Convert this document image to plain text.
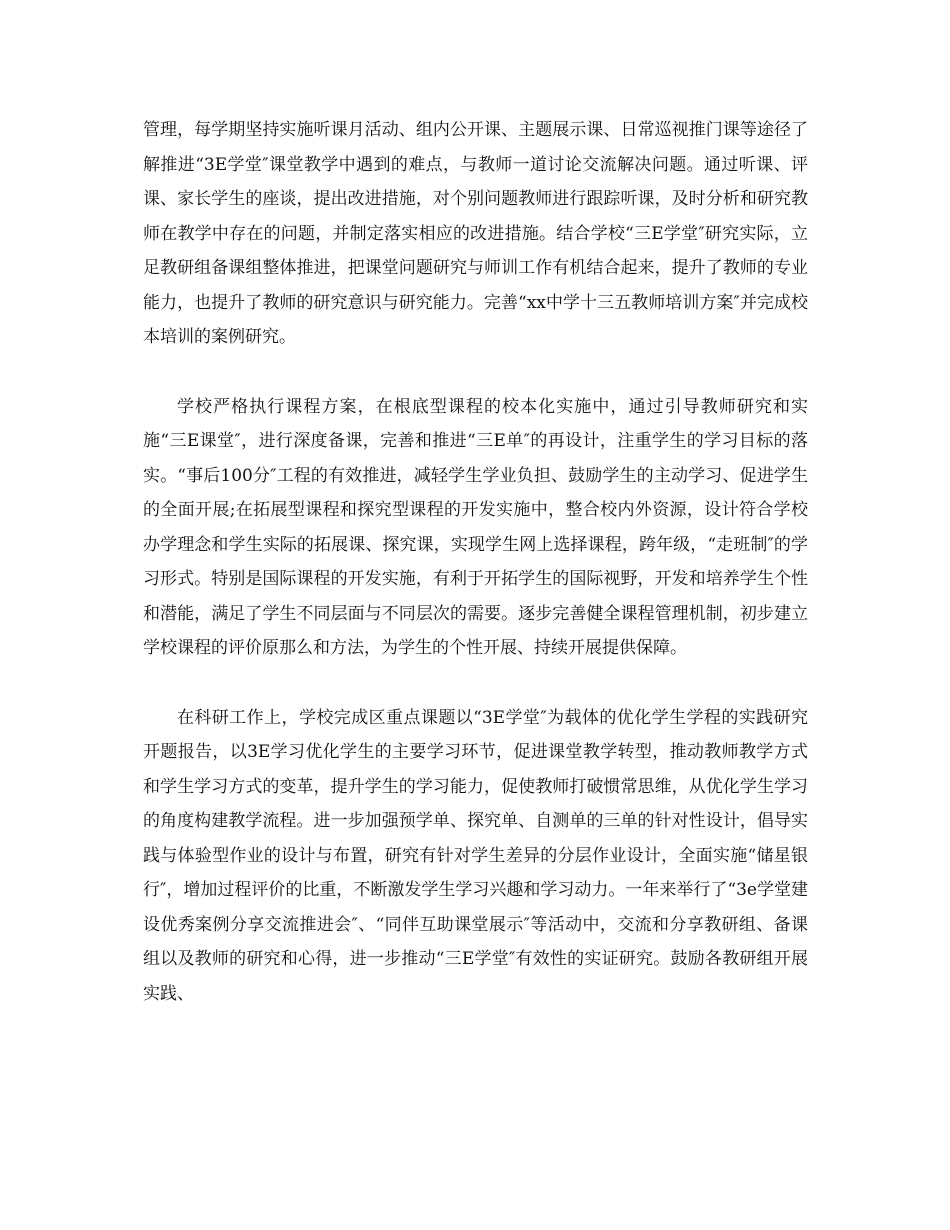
管理，每学期坚持实施听课月活动、组内公开课、主题展示课、日常巡视推门课等途径了解推进“3E学堂″课堂教学中遇到的难点，与教师一道讨论交流解决问题。通过听课、评课、家长学生的座谈，提出改进措施，对个别问题教师进行跟踪听课，及时分析和研究教师在教学中存在的问题，并制定落实相应的改进措施。结合学校“三E学堂″研究实际，立足教研组备课组整体推进，把课堂问题研究与师训工作有机结合起来，提升了教师的专业能力，也提升了教师的研究意识与研究能力。完善“xx中学十三五教师培训方案″并完成校本培训的案例研究。

学校严格执行课程方案，在根底型课程的校本化实施中，通过引导教师研究和实施“三E课堂″，进行深度备课，完善和推进“三E单″的再设计，注重学生的学习目标的落实。“事后100分″工程的有效推进，减轻学生学业负担、鼓励学生的主动学习、促进学生的全面开展;在拓展型课程和探究型课程的开发实施中，整合校内外资源，设计符合学校办学理念和学生实际的拓展课、探究课，实现学生网上选择课程，跨年级，“走班制″的学习形式。特别是国际课程的开发实施，有利于开拓学生的国际视野，开发和培养学生个性和潜能，满足了学生不同层面与不同层次的需要。逐步完善健全课程管理机制，初步建立学校课程的评价原那么和方法，为学生的个性开展、持续开展提供保障。

在科研工作上，学校完成区重点课题以“3E学堂″为载体的优化学生学程的实践研究开题报告，以3E学习优化学生的主要学习环节，促进课堂教学转型，推动教师教学方式和学生学习方式的变革，提升学生的学习能力，促使教师打破惯常思维，从优化学生学习的角度构建教学流程。进一步加强预学单、探究单、自测单的三单的针对性设计，倡导实践与体验型作业的设计与布置，研究有针对学生差异的分层作业设计，全面实施“储星银行″，增加过程评价的比重，不断激发学生学习兴趣和学习动力。一年来举行了“3e学堂建设优秀案例分享交流推进会″、“同伴互助课堂展示″等活动中，交流和分享教研组、备课组以及教师的研究和心得，进一步推动“三E学堂″有效性的实证研究。鼓励各教研组开展实践、
